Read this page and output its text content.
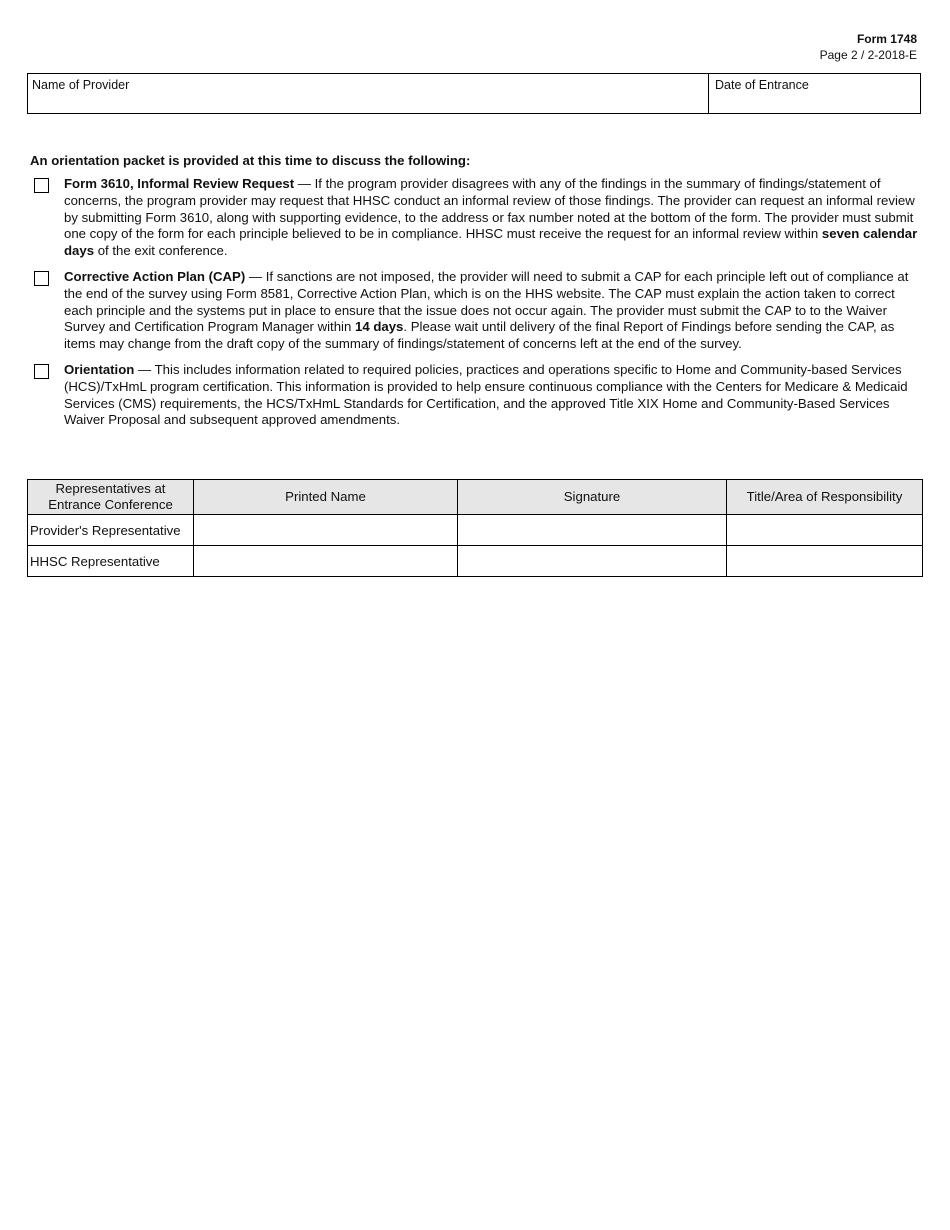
Form 1748
Page 2 / 2-2018-E
Name of Provider	Date of Entrance
An orientation packet is provided at this time to discuss the following:
Form 3610, Informal Review Request — If the program provider disagrees with any of the findings in the summary of findings/statement of concerns, the program provider may request that HHSC conduct an informal review of those findings. The provider can request an informal review by submitting Form 3610, along with supporting evidence, to the address or fax number noted at the bottom of the form. The provider must submit one copy of the form for each principle believed to be in compliance. HHSC must receive the request for an informal review within seven calendar days of the exit conference.
Corrective Action Plan (CAP) — If sanctions are not imposed, the provider will need to submit a CAP for each principle left out of compliance at the end of the survey using Form 8581, Corrective Action Plan, which is on the HHS website. The CAP must explain the action taken to correct each principle and the systems put in place to ensure that the issue does not occur again. The provider must submit the CAP to to the Waiver Survey and Certification Program Manager within 14 days. Please wait until delivery of the final Report of Findings before sending the CAP, as items may change from the draft copy of the summary of findings/statement of concerns left at the end of the survey.
Orientation — This includes information related to required policies, practices and operations specific to Home and Community-based Services (HCS)/TxHmL program certification. This information is provided to help ensure continuous compliance with the Centers for Medicare & Medicaid Services (CMS) requirements, the HCS/TxHmL Standards for Certification, and the approved Title XIX Home and Community-Based Services Waiver Proposal and subsequent approved amendments.
Representatives at Entrance Conference	Printed Name	Signature	Title/Area of Responsibility
Provider's Representative			
HHSC Representative			
